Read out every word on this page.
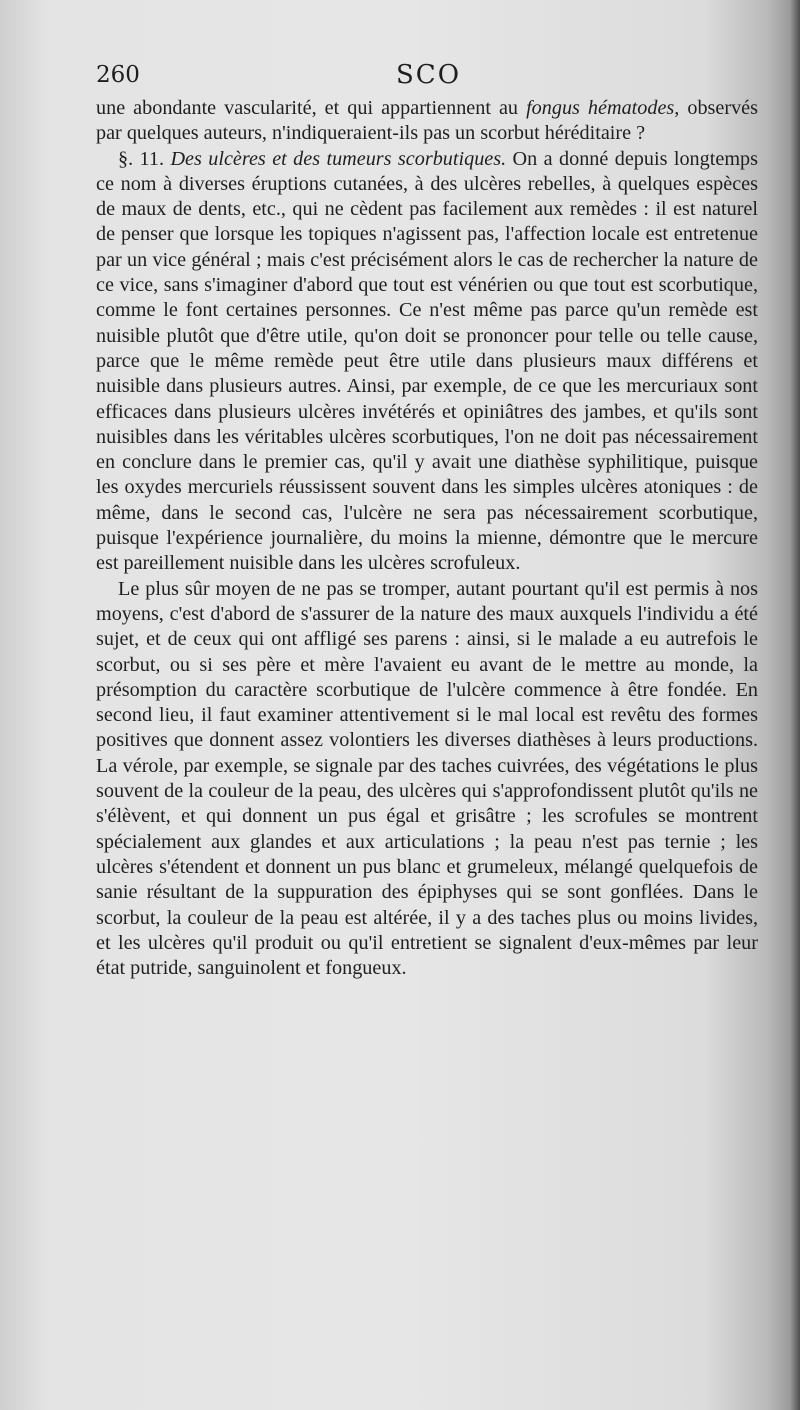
260	SCO

une abondante vascularité, et qui appartiennent au fongus hématodes, observés par quelques auteurs, n'indiqueraient-ils pas un scorbut héréditaire ?

§. 11. Des ulcères et des tumeurs scorbutiques. On a donné depuis longtemps ce nom à diverses éruptions cutanées, à des ulcères rebelles, à quelques espèces de maux de dents, etc., qui ne cèdent pas facilement aux remèdes : il est naturel de penser que lorsque les topiques n'agissent pas, l'affection locale est entretenue par un vice général ; mais c'est précisément alors le cas de rechercher la nature de ce vice, sans s'imaginer d'abord que tout est vénérien ou que tout est scorbutique, comme le font certaines personnes. Ce n'est même pas parce qu'un remède est nuisible plutôt que d'être utile, qu'on doit se prononcer pour telle ou telle cause, parce que le même remède peut être utile dans plusieurs maux différens et nuisible dans plusieurs autres. Ainsi, par exemple, de ce que les mercuriaux sont efficaces dans plusieurs ulcères invétérés et opiniâtres des jambes, et qu'ils sont nuisibles dans les véritables ulcères scorbutiques, l'on ne doit pas nécessairement en conclure dans le premier cas, qu'il y avait une diathèse syphilitique, puisque les oxydes mercuriels réussissent souvent dans les simples ulcères atoniques : de même, dans le second cas, l'ulcère ne sera pas nécessairement scorbutique, puisque l'expérience journalière, du moins la mienne, démontre que le mercure est pareillement nuisible dans les ulcères scrofuleux.

Le plus sûr moyen de ne pas se tromper, autant pourtant qu'il est permis à nos moyens, c'est d'abord de s'assurer de la nature des maux auxquels l'individu a été sujet, et de ceux qui ont affligé ses parens : ainsi, si le malade a eu autrefois le scorbut, ou si ses père et mère l'avaient eu avant de le mettre au monde, la présomption du caractère scorbutique de l'ulcère commence à être fondée. En second lieu, il faut examiner attentivement si le mal local est revêtu des formes positives que donnent assez volontiers les diverses diathèses à leurs productions. La vérole, par exemple, se signale par des taches cuivrées, des végétations le plus souvent de la couleur de la peau, des ulcères qui s'approfondissent plutôt qu'ils ne s'élèvent, et qui donnent un pus égal et grisâtre ; les scrofules se montrent spécialement aux glandes et aux articulations ; la peau n'est pas ternie ; les ulcères s'étendent et donnent un pus blanc et grumeleux, mélangé quelquefois de sanie résultant de la suppuration des épiphyses qui se sont gonflées. Dans le scorbut, la couleur de la peau est altérée, il y a des taches plus ou moins livides, et les ulcères qu'il produit ou qu'il entretient se signalent d'eux-mêmes par leur état putride, sanguinolent et fongueux.
